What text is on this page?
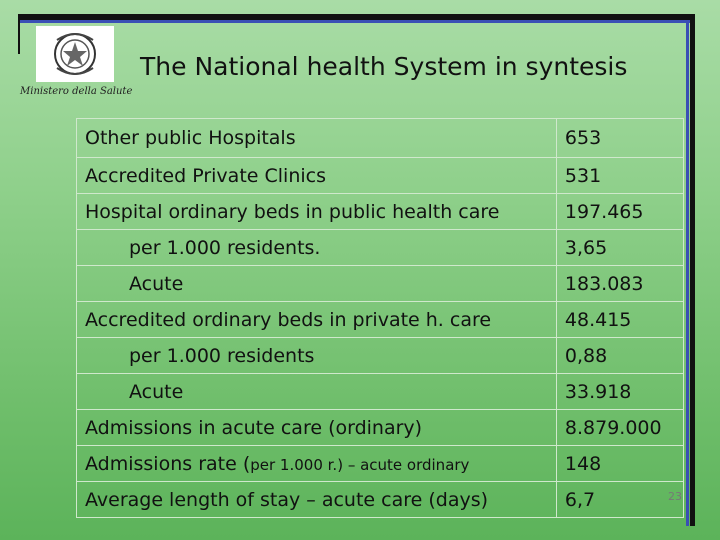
Ministero della Salute
The National health System in syntesis
Other public Hospitals	653
Accredited Private Clinics	531
Hospital ordinary beds in public health care	197.465
per 1.000 residents.	3,65
Acute	183.083
Accredited ordinary beds in private h. care	48.415
per 1.000 residents	0,88
Acute	33.918
Admissions in acute care (ordinary)	8.879.000
Admissions rate (per 1.000 r.) – acute ordinary	148
Average length of stay – acute care (days)	6,7	23
